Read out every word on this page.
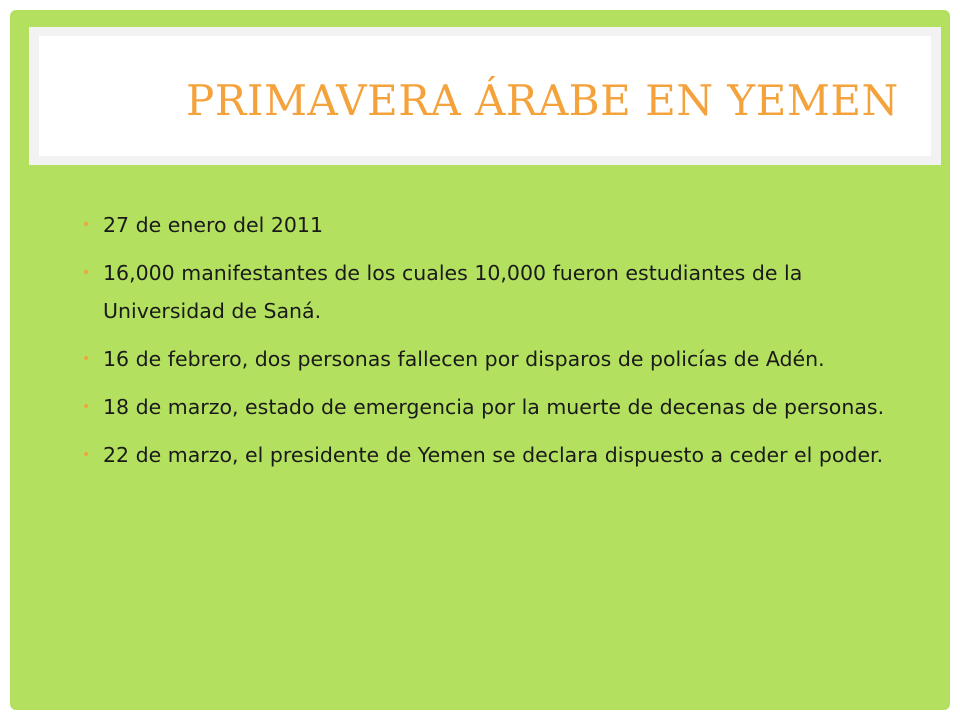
PRIMAVERA ÁRABE EN YEMEN
• 27 de enero del 2011
• 16,000 manifestantes de los cuales 10,000 fueron estudiantes de la Universidad de Saná.
• 16 de febrero, dos personas fallecen por disparos de policías de Adén.
• 18 de marzo, estado de emergencia por la muerte de decenas de personas.
• 22 de marzo, el presidente de Yemen se declara dispuesto a ceder el poder.
